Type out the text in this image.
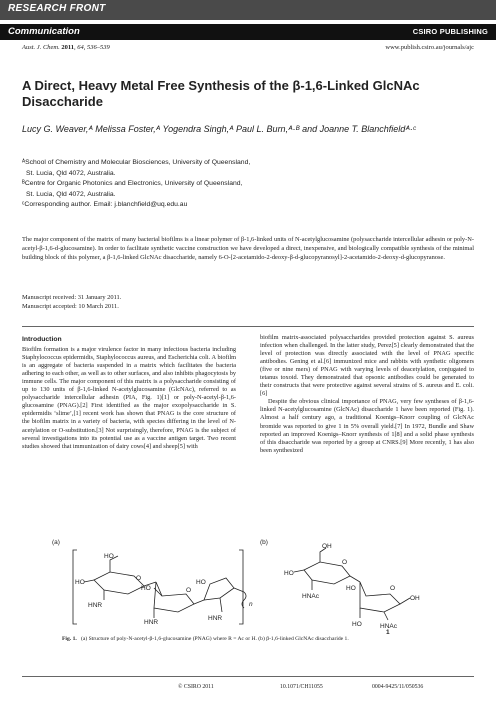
RESEARCH FRONT
Communication	CSIRO PUBLISHING
Aust. J. Chem. 2011, 64, 536–539	www.publish.csiro.au/journals/ajc
A Direct, Heavy Metal Free Synthesis of the β-1,6-Linked GlcNAc Disaccharide
Lucy G. Weaver,ᴬ Melissa Foster,ᴬ Yogendra Singh,ᴬ Paul L. Burn,ᴬ·ᴮ and Joanne T. Blanchfieldᴬ·ᶜ
ᴬSchool of Chemistry and Molecular Biosciences, University of Queensland,
St. Lucia, Qld 4072, Australia.
ᴮCentre for Organic Photonics and Electronics, University of Queensland,
St. Lucia, Qld 4072, Australia.
ᶜCorresponding author. Email: j.blanchfield@uq.edu.au
The major component of the matrix of many bacterial biofilms is a linear polymer of β-1,6-linked units of N-acetylglucosamine (polysaccharide intercellular adhesin or poly-N-acetyl-β-1,6-d-glucosamine). In order to facilitate synthetic vaccine construction we have developed a direct, inexpensive, and biologically compatible synthesis of the minimal building block of this polymer, a β-1,6-linked GlcNAc disaccharide, namely 6-O-[2-acetamido-2-deoxy-β-d-glucopyranosyl]-2-acetamido-2-deoxy-d-glucopyranose.
Manuscript received: 31 January 2011.
Manuscript accepted: 10 March 2011.
Introduction

Biofilm formation is a major virulence factor in many infectious bacteria including Staphylococcus epidermidis, Staphylococcus aureus, and Escherichia coli. A biofilm is an aggregate of bacteria suspended in a matrix which facilitates the bacteria adhering to each other, as well as to other surfaces, and also inhibits phagocytosis by immune cells. The major component of this matrix is a polysaccharide consisting of up to 130 units of β-1,6-linked N-acetylglucosamine (GlcNAc), referred to as polysaccharide intercellular adhesin (PIA, Fig. 1)[1] or poly-N-acetyl-β-1,6-glucosamine (PNAG).[2] First identified as the major exopolysaccharide in S. epidermidis ‘slime’,[1] recent work has shown that PNAG is the core structure of the biofilm matrix in a variety of bacteria, with species differing in the level of N-acetylation or O-substitution.[3] Not surprisingly, therefore, PNAG is the subject of several investigations into its potential use as a vaccine antigen target. Two recent studies showed that immunization of dairy cows[4] and sheep[5] with

biofilm matrix-associated polysaccharides provided protection against S. aureus infection when challenged. In the latter study, Perez[5] clearly demonstrated that the level of protection was directly associated with the level of PNAG specific antibodies. Gening et al.[6] immunized mice and rabbits with synthetic oligomers (five or nine mers) of PNAG with varying levels of deacetylation, conjugated to tetanus toxoid. They demonstrated that opsonic antibodies could be generated to their constructs that were protective against several strains of S. aureus and E. coli.[6]

Despite the obvious clinical importance of PNAG, very few syntheses of β-1,6-linked N-acetylglucosamine (GlcNAc) disaccharide 1 have been reported (Fig. 1). Almost a half century ago, a traditional Koenigs–Knorr coupling of GlcNAc bromide was reported to give 1 in 5% overall yield.[7] In 1972, Bundle and Shaw reported an improved Koenigs–Knorr synthesis of 1[8] and a solid phase synthesis of this disaccharide was reported by a group at CNRS.[9] More recently, 1 has also been synthesized

(a)	(b)
HO
HO
HNR
O
HO
HNR
O
HO
HNR
n
OH
HO
HNAc
O
HO	O
OH
HO	HNAc
1
Fig. 1. (a) Structure of poly-N-acetyl-β-1,6-glucosamine (PNAG) where R = Ac or H. (b) β-1,6-linked GlcNAc disaccharide 1.
© CSIRO 2011	10.1071/CH11055	0004-9425/11/050536
